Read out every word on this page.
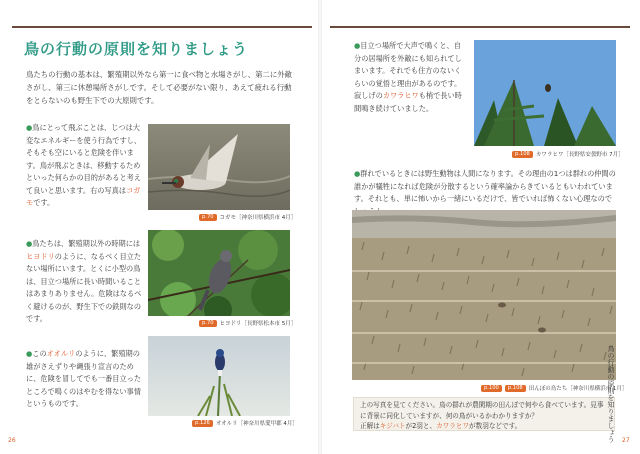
鳥の行動の原則を知りましょう
鳥たちの行動の基本は、繁殖期以外なら第一に食べ物と水場さがし、第二に外敵さがし、第三に休憩場所さがしです。そして必要がない限り、あえて疲れる行動をとらないのも野生下での大原則です。
●鳥にとって飛ぶことは、じつは大変なエネルギーを使う行為ですし、そもそも空にいると危険を伴います。鳥が飛ぶときは、移動するためといった何らかの目的があると考えて良いと思います。右の写真はコガモです。
p.70	コガモ［神奈川県横浜市 4月］
●鳥たちは、繁殖期以外の時期にはヒヨドリのように、なるべく目立たない場所にいます。とくに小型の鳥は、目立つ場所に長い時間いることはあまりありません。危険はなるべく避けるのが、野生下での鉄則なのです。	p.70	ヒヨドリ［長野県松本市 5月］
●このオオルリのように、繁殖期の雄がさえずりや縄張り宣言のために、危険を冒してでも一番目立ったところで鳴くのはやむを得ない事情というものです。
p.126	オオルリ［神奈川県愛甲郡 4月］
26
●目立つ場所で大声で鳴くと、自分の居場所を外敵にも知られてしまいます。それでも住方のないくらいの覚悟と理由があるのです。 寂しげのカワラヒワも梢で長い時間鳴き続けていました。
p.108	カワラヒワ［長野県安曇野市 7月］
●群れでいるときには野生動物は人間になります。その理由の1つは群れの仲間の誰かが犠牲になれば危険が分散するという確率論からきているともいわれています。それとも、単に怖いから一緒にいるだけで、皆でいれば怖くない心理なので
p.100	p.108	田んぼの鳥たち［神奈川県横浜市 1月］
上の写真を見てください。鳥の群れが農閑期の田んぼで何やら食べています。見事に背景に同化していますが、何の鳥がいるかわかりますか？
正解はキジバトが2羽と、カワラヒワが数羽などです。	鳥の行動の原則を知りましょう 27
